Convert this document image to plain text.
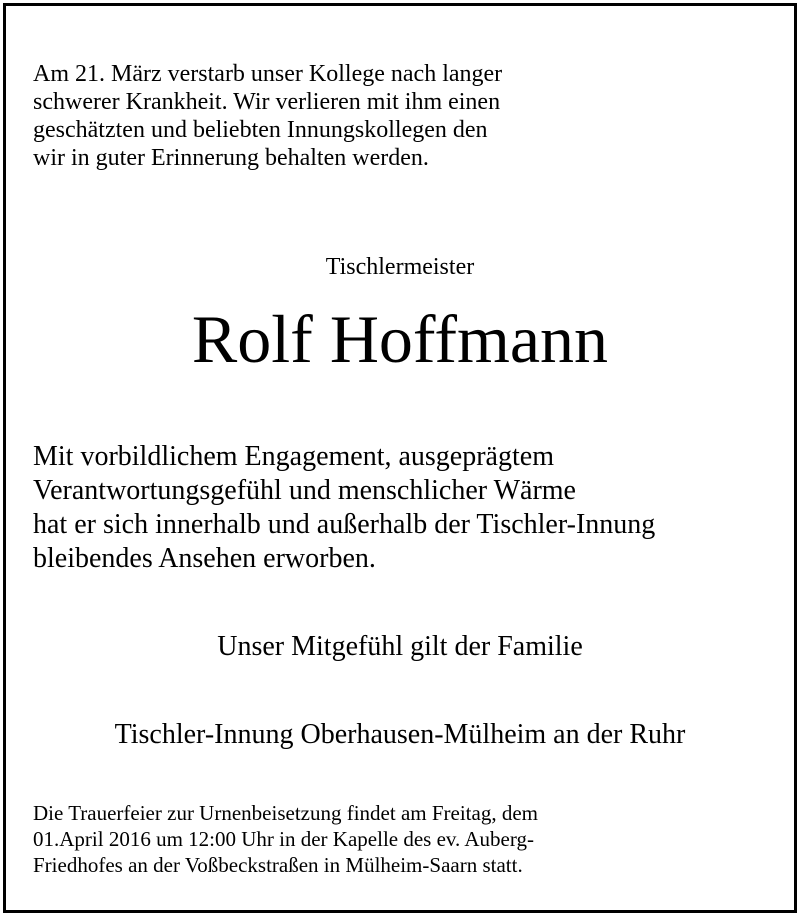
Am 21. März verstarb unser Kollege nach langer
schwerer Krankheit. Wir verlieren mit ihm einen
geschätzten und beliebten Innungskollegen den
wir in guter Erinnerung behalten werden.
Tischlermeister
Rolf Hoffmann
Mit vorbildlichem Engagement, ausgeprägtem
Verantwortungsgefühl und menschlicher Wärme
hat er sich innerhalb und außerhalb der Tischler-Innung
bleibendes Ansehen erworben.
Unser Mitgefühl gilt der Familie
Tischler-Innung Oberhausen-Mülheim an der Ruhr
Die Trauerfeier zur Urnenbeisetzung findet am Freitag, dem
01.April 2016 um 12:00 Uhr in der Kapelle des ev. Auberg-
Friedhofes an der Voßbeckstraßen in Mülheim-Saarn statt.
